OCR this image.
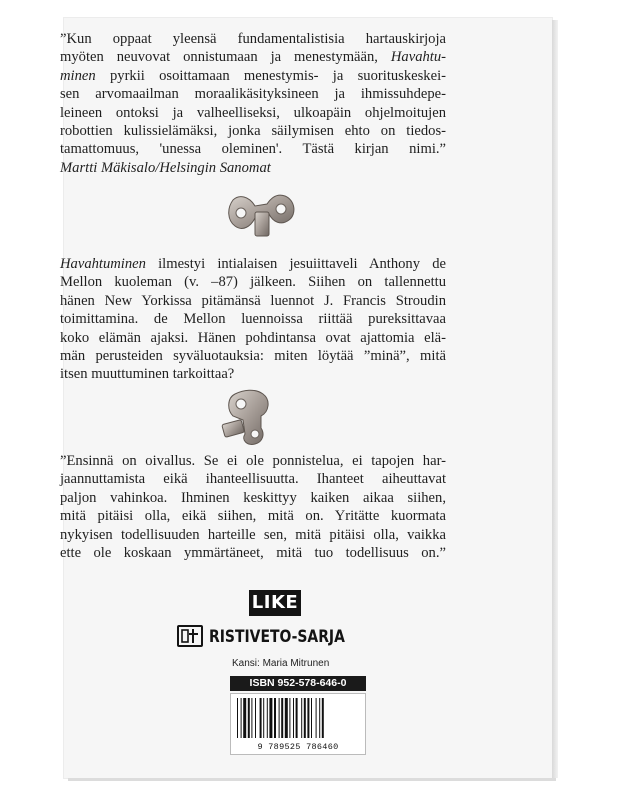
”Kun oppaat yleensä fundamentalistisia hartauskirjoja
myöten neuvovat onnistumaan ja menestymään, Havahtu-
minen pyrkii osoittamaan menestymis- ja suorituskeskei-
sen arvomaailman moraalikäsityksineen ja ihmissuhdepe-
leineen ontoksi ja valheelliseksi, ulkoapäin ohjelmoitujen
robottien kulissielämäksi, jonka säilymisen ehto on tiedos-
tamattomuus, 'unessa oleminen'. Tästä kirjan nimi.”
Martti Mäkisalo/Helsingin Sanomat
Havahtuminen ilmestyi intialaisen jesuiittaveli Anthony de
Mellon kuoleman (v. –87) jälkeen. Siihen on tallennettu
hänen New Yorkissa pitämänsä luennot J. Francis Stroudin
toimittamina. de Mellon luennoissa riittää pureksittavaa
koko elämän ajaksi. Hänen pohdintansa ovat ajattomia elä-
män perusteiden syväluotauksia: miten löytää ”minä”, mitä
itsen muuttuminen tarkoittaa?
”Ensinnä on oivallus. Se ei ole ponnistelua, ei tapojen har-
jaannuttamista eikä ihanteellisuutta. Ihanteet aiheuttavat
paljon vahinkoa. Ihminen keskittyy kaiken aikaa siihen,
mitä pitäisi olla, eikä siihen, mitä on. Yritätte kuormata
nykyisen todellisuuden harteille sen, mitä pitäisi olla, vaikka
ette ole koskaan ymmärtäneet, mitä tuo todellisuus on.”
LIKE
RISTIVETO-SARJA
Kansi: Maria Mitrunen
ISBN 952-578-646-0
9 789525 786460
